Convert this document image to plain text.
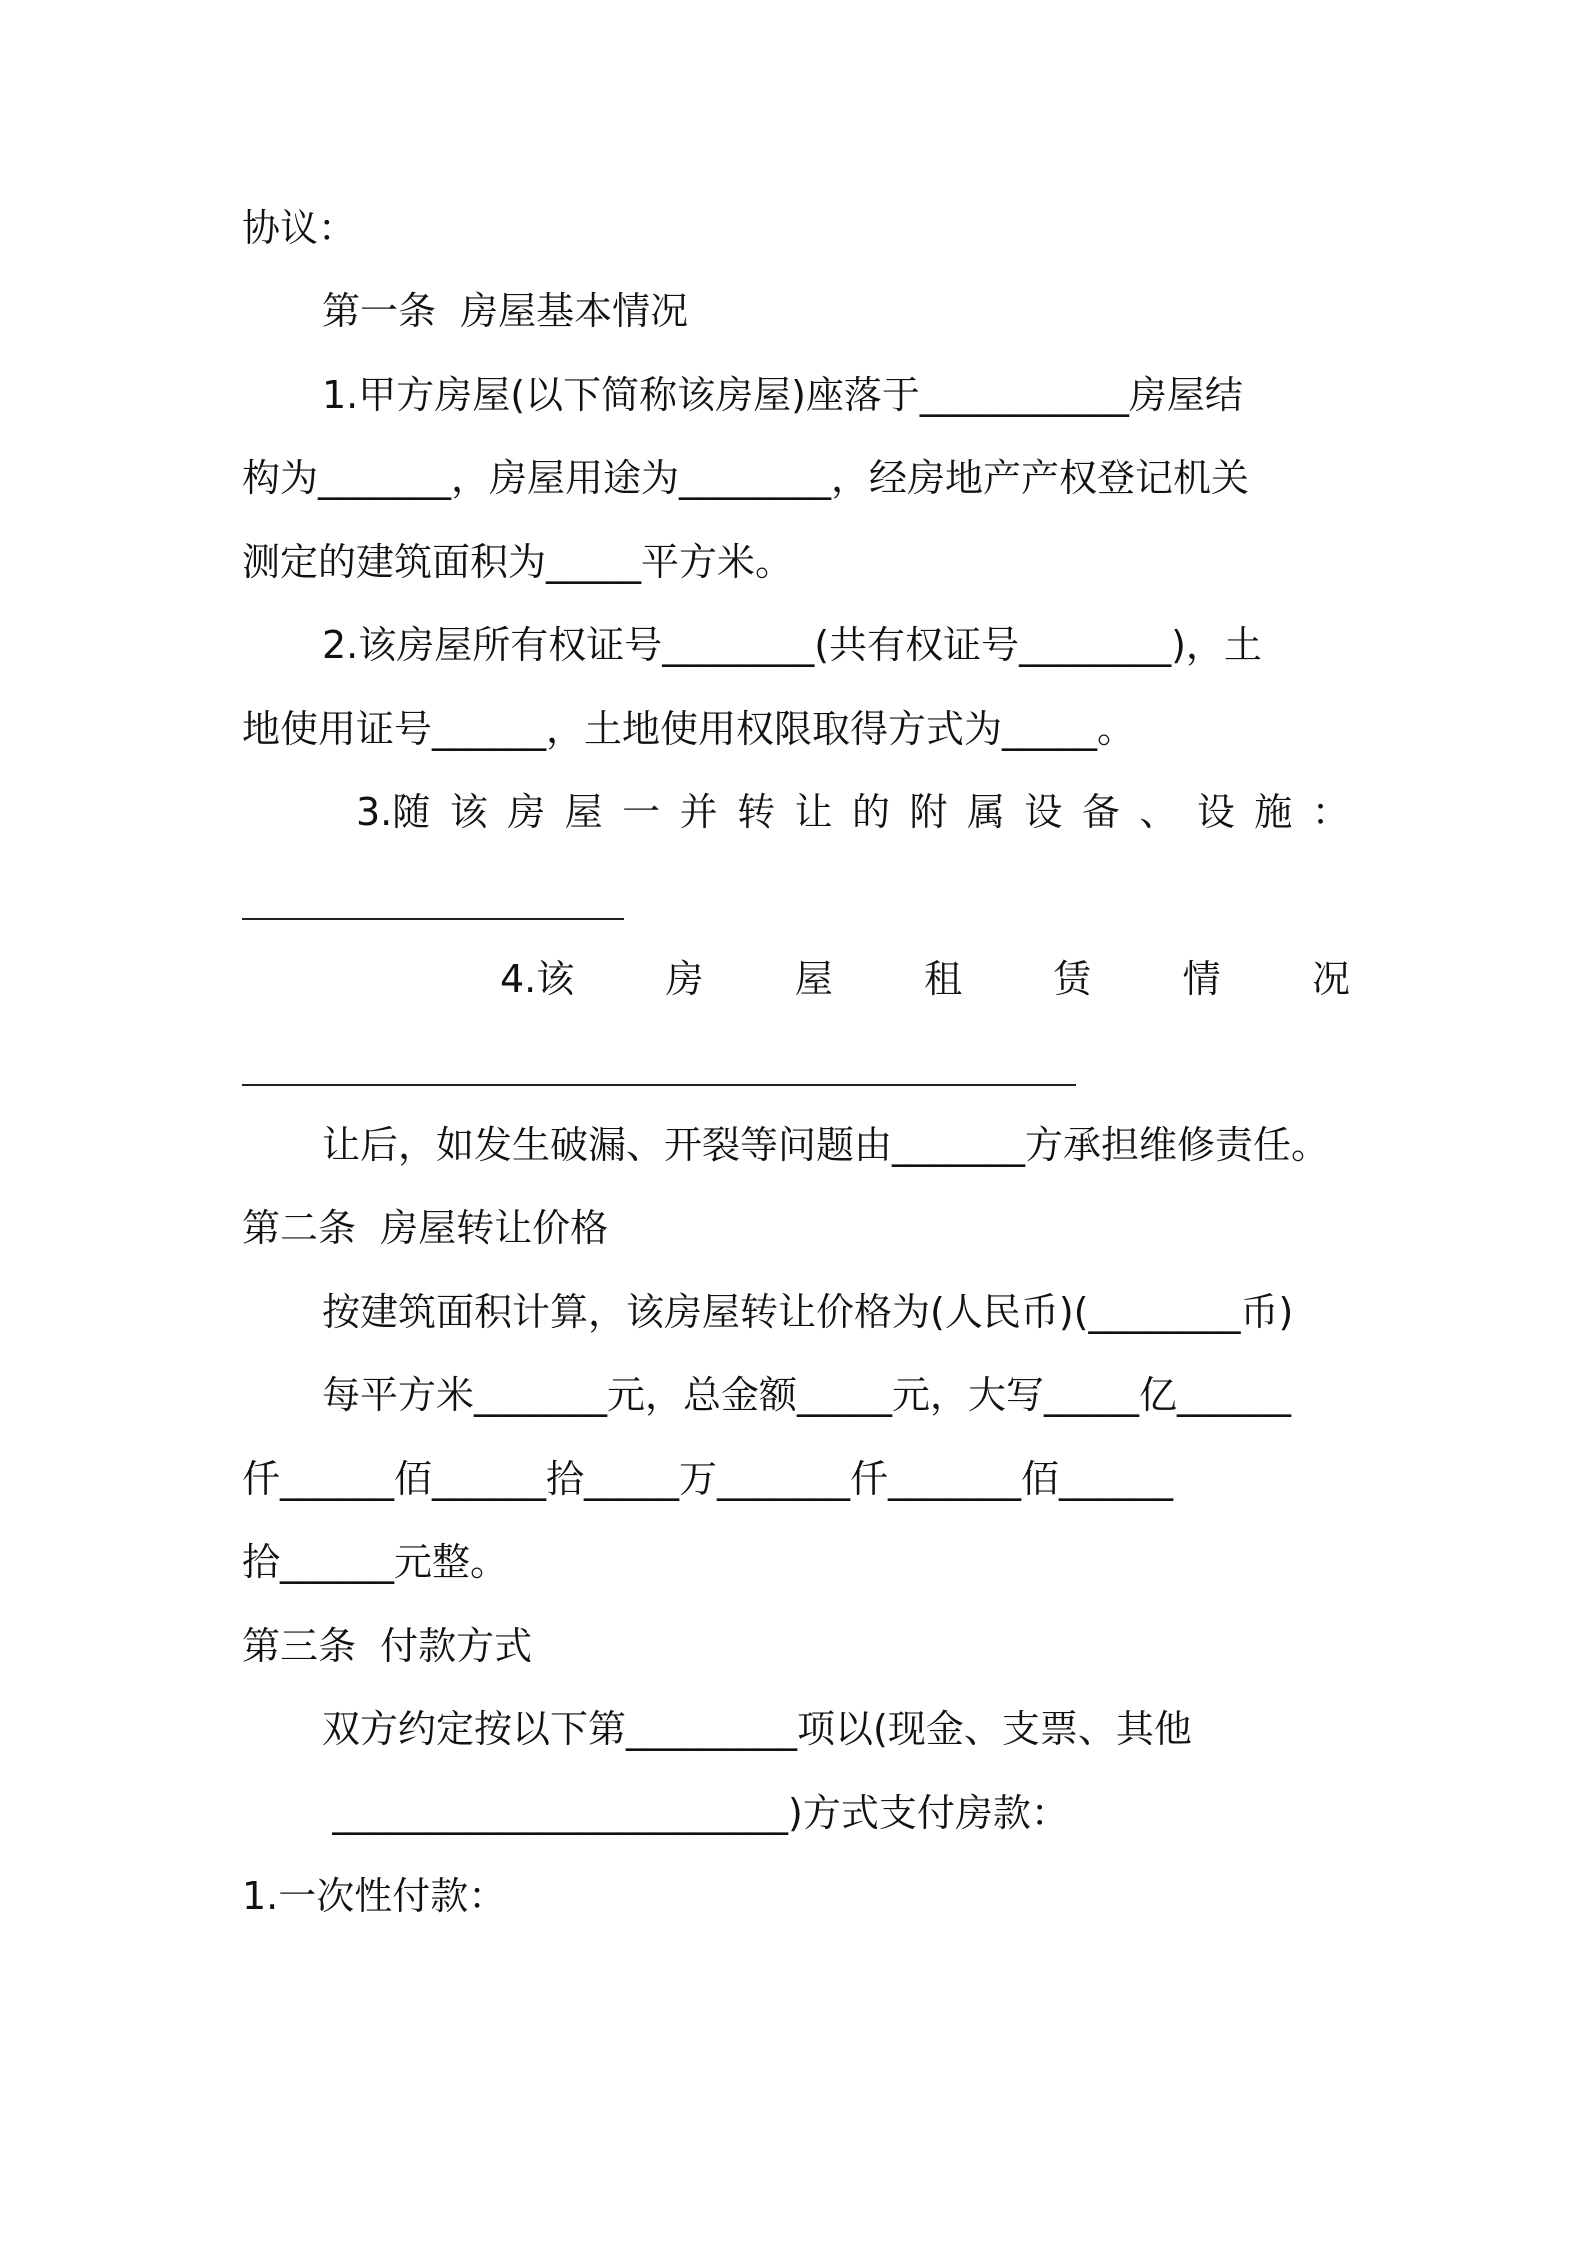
协议：
第一条  房屋基本情况
1.甲方房屋(以下简称该房屋)座落于___________房屋结
构为_______，房屋用途为________，经房地产产权登记机关
测定的建筑面积为_____平方米。
2.该房屋所有权证号________(共有权证号________)，土
地使用证号______，土地使用权限取得方式为_____。
3.随 该 房 屋 一 并 转 让 的 附 属 设 备 、 设 施 ：
4.该 房 屋 租 赁 情 况
让后，如发生破漏、开裂等问题由_______方承担维修责任。
第二条  房屋转让价格
按建筑面积计算，该房屋转让价格为(人民币)(________币)
每平方米_______元，总金额_____元，大写_____亿______
仟______佰______拾_____万_______仟_______佰______
拾______元整。
第三条  付款方式
双方约定按以下第_________项以(现金、支票、其他
________________________)方式支付房款：
1.一次性付款：
